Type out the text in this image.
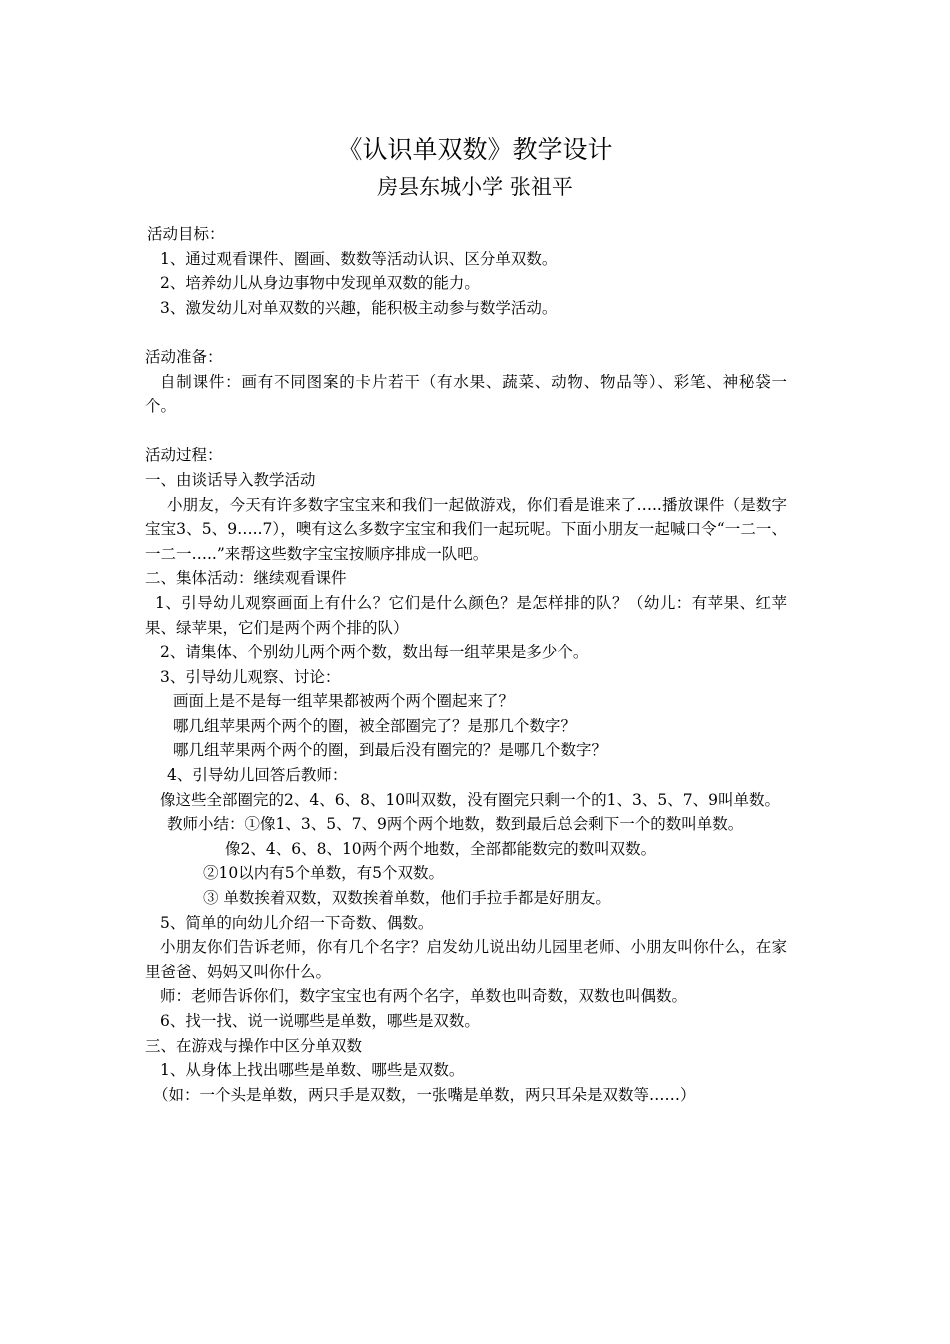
《认识单双数》教学设计
房县东城小学 张祖平
活动目标：
1、通过观看课件、圈画、数数等活动认识、区分单双数。
2、培养幼儿从身边事物中发现单双数的能力。
3、激发幼儿对单双数的兴趣，能积极主动参与数学活动。
活动准备：
自制课件：画有不同图案的卡片若干（有水果、蔬菜、动物、物品等）、彩笔、神秘袋一个。
活动过程：
一、由谈话导入教学活动
小朋友，今天有许多数字宝宝来和我们一起做游戏，你们看是谁来了…..播放课件（是数字宝宝3、5、9…..7），噢有这么多数字宝宝和我们一起玩呢。下面小朋友一起喊口令“一二一、一二一…..”来帮这些数字宝宝按顺序排成一队吧。
二、集体活动：继续观看课件
1、引导幼儿观察画面上有什么？它们是什么颜色？是怎样排的队？（幼儿：有苹果、红苹果、绿苹果，它们是两个两个排的队）
2、请集体、个别幼儿两个两个数，数出每一组苹果是多少个。
3、引导幼儿观察、讨论：
画面上是不是每一组苹果都被两个两个圈起来了？
哪几组苹果两个两个的圈，被全部圈完了？是那几个数字？
哪几组苹果两个两个的圈，到最后没有圈完的？是哪几个数字？
4、引导幼儿回答后教师：
像这些全部圈完的2、4、6、8、10叫双数，没有圈完只剩一个的1、3、5、7、9叫单数。
教师小结：①像1、3、5、7、9两个两个地数，数到最后总会剩下一个的数叫单数。
像2、4、6、8、10两个两个地数，全部都能数完的数叫双数。
②10以内有5个单数，有5个双数。
③ 单数挨着双数，双数挨着单数，他们手拉手都是好朋友。
5、简单的向幼儿介绍一下奇数、偶数。
小朋友你们告诉老师，你有几个名字？启发幼儿说出幼儿园里老师、小朋友叫你什么，在家里爸爸、妈妈又叫你什么。
师：老师告诉你们，数字宝宝也有两个名字，单数也叫奇数，双数也叫偶数。
6、找一找、说一说哪些是单数，哪些是双数。
三、在游戏与操作中区分单双数
1、从身体上找出哪些是单数、哪些是双数。
（如：一个头是单数，两只手是双数，一张嘴是单数，两只耳朵是双数等……）
